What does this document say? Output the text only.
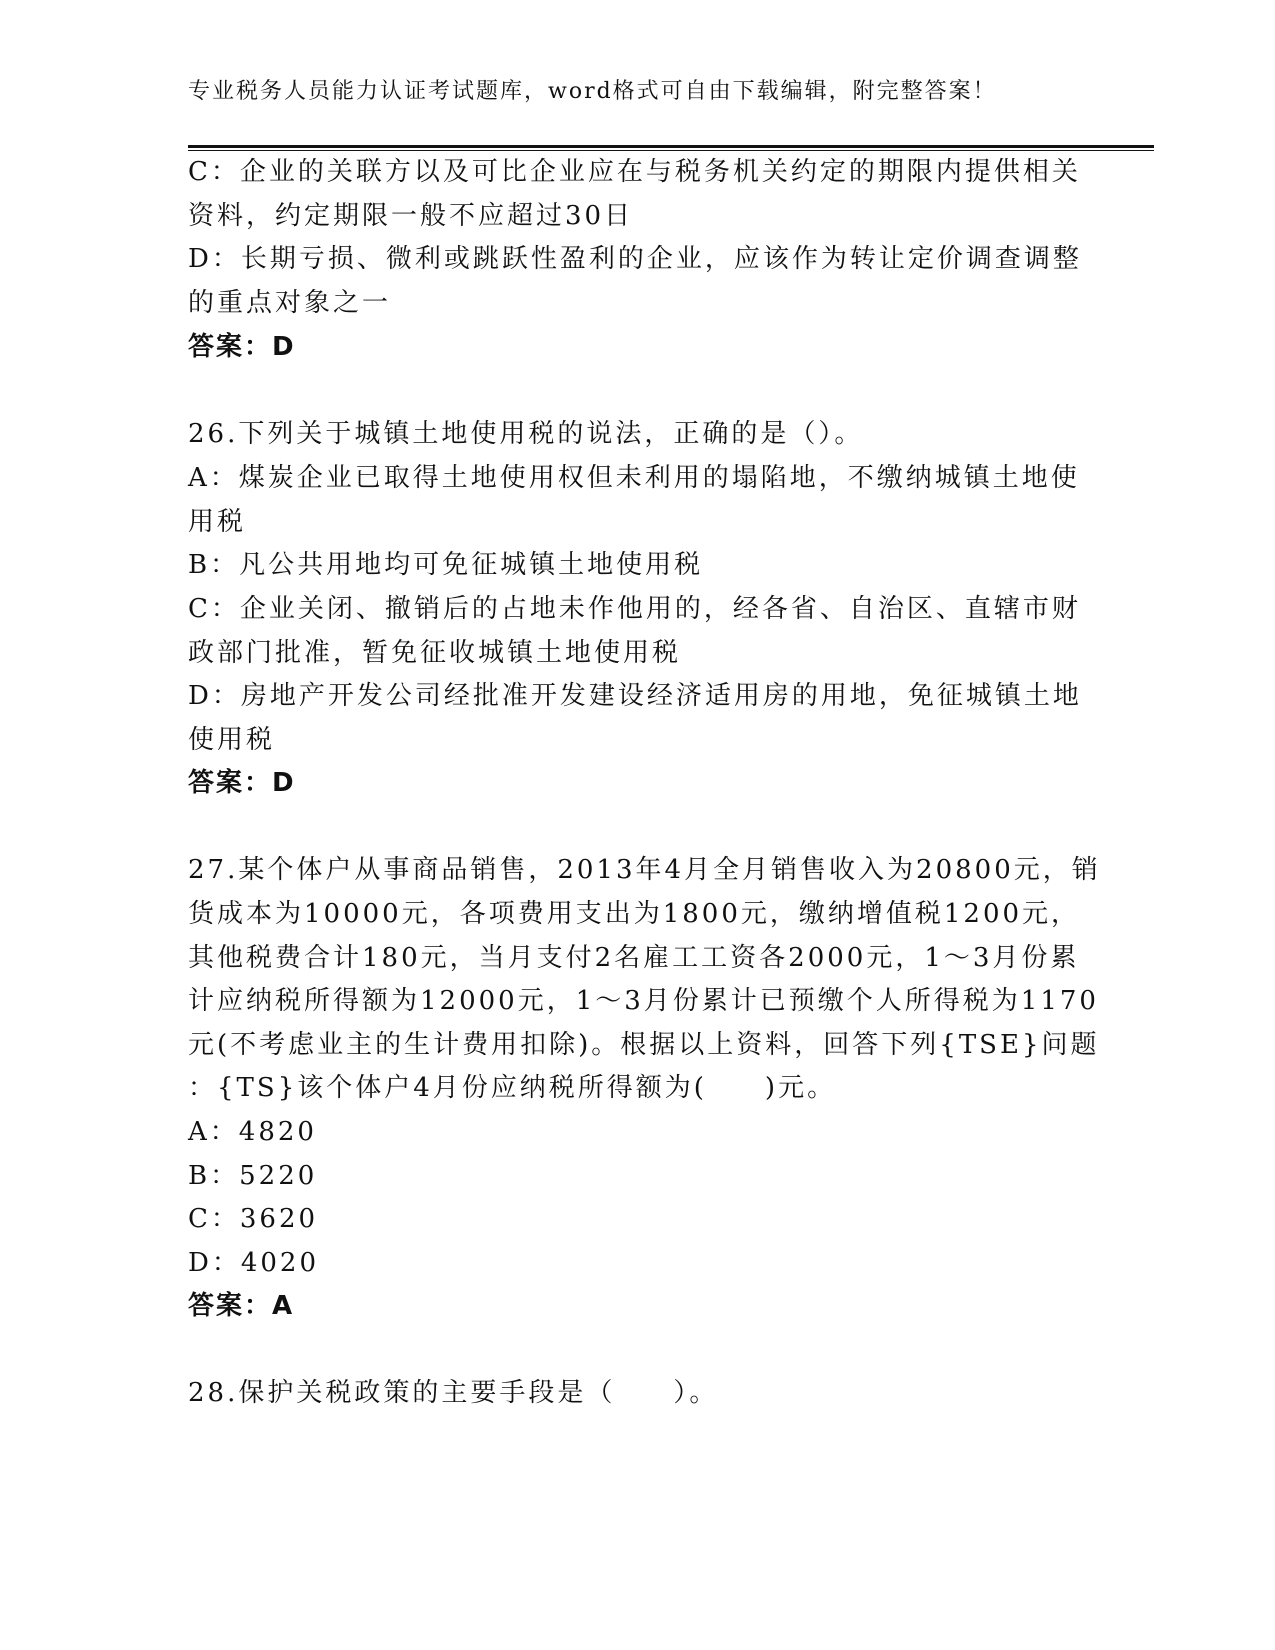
专业税务人员能力认证考试题库，word格式可自由下载编辑，附完整答案！
C：企业的关联方以及可比企业应在与税务机关约定的期限内提供相关
资料，约定期限一般不应超过30日
D：长期亏损、微利或跳跃性盈利的企业，应该作为转让定价调查调整
的重点对象之一
答案：D
26.下列关于城镇土地使用税的说法，正确的是（）。
A：煤炭企业已取得土地使用权但未利用的塌陷地，不缴纳城镇土地使
用税
B：凡公共用地均可免征城镇土地使用税
C：企业关闭、撤销后的占地未作他用的，经各省、自治区、直辖市财
政部门批准，暂免征收城镇土地使用税
D：房地产开发公司经批准开发建设经济适用房的用地，免征城镇土地
使用税
答案：D
27.某个体户从事商品销售，2013年4月全月销售收入为20800元，销
货成本为10000元，各项费用支出为1800元，缴纳增值税1200元，
其他税费合计180元，当月支付2名雇工工资各2000元，1～3月份累
计应纳税所得额为12000元，1～3月份累计已预缴个人所得税为1170
元(不考虑业主的生计费用扣除)。根据以上资料，回答下列{TSE}问题
：{TS}该个体户4月份应纳税所得额为(　　)元。
A：4820
B：5220
C：3620
D：4020
答案：A
28.保护关税政策的主要手段是（　　）。
